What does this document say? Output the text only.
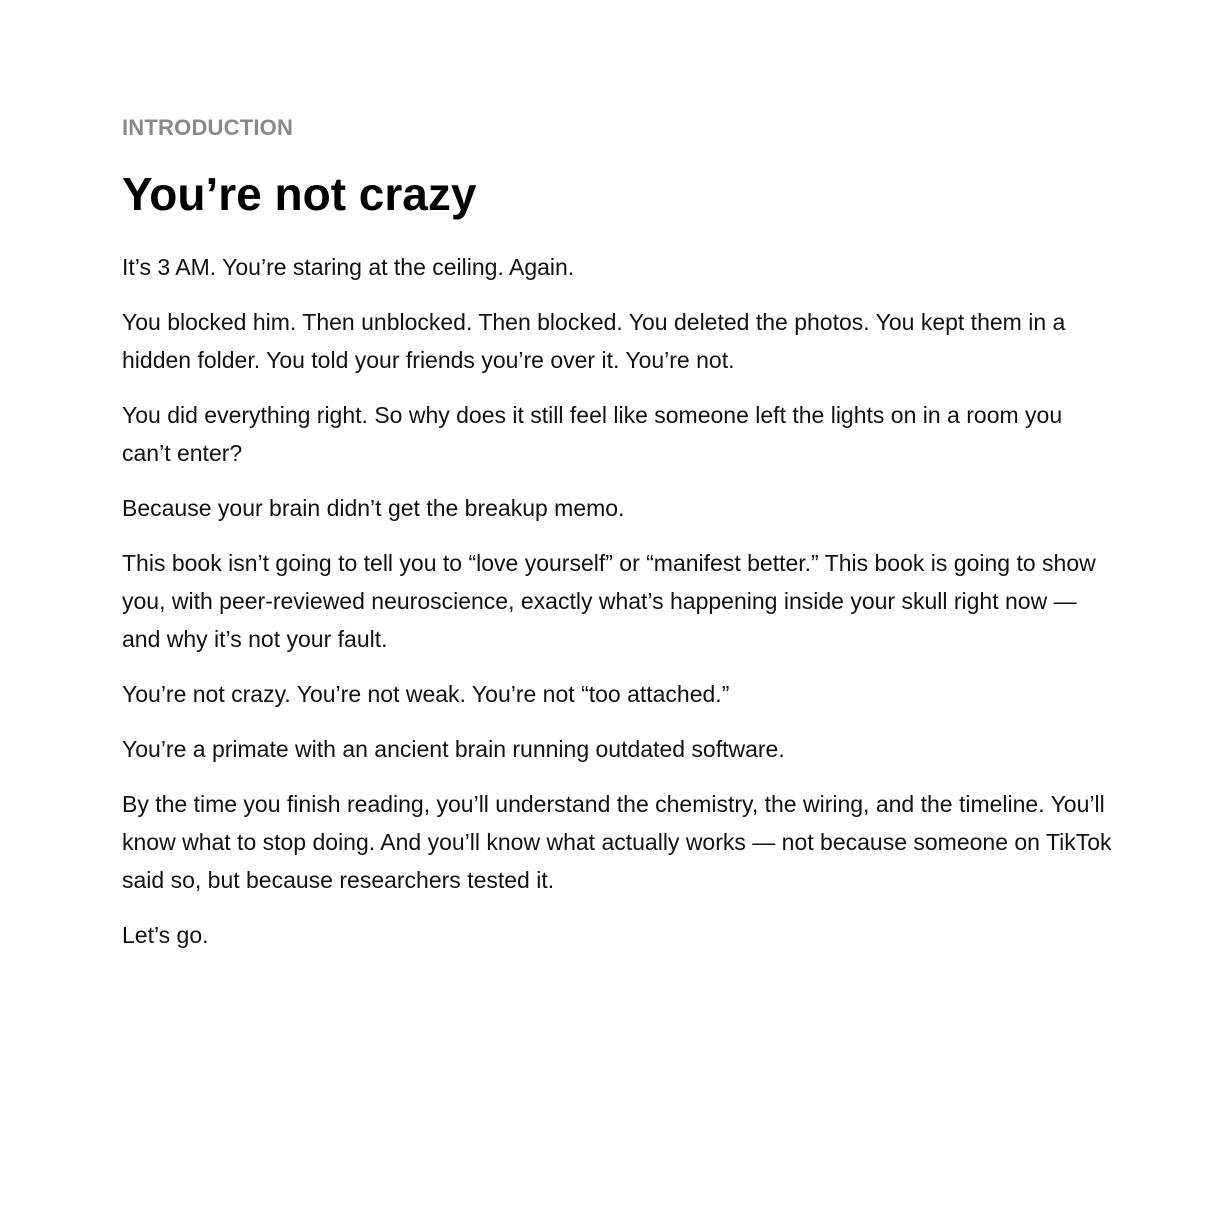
INTRODUCTION

You’re not crazy

It’s 3 AM. You’re staring at the ceiling. Again.

You blocked him. Then unblocked. Then blocked. You deleted the photos. You kept them in a hidden folder. You told your friends you’re over it. You’re not.

You did everything right. So why does it still feel like someone left the lights on in a room you can’t enter?

Because your brain didn’t get the breakup memo.

This book isn’t going to tell you to “love yourself” or “manifest better.” This book is going to show you, with peer-reviewed neuroscience, exactly what’s happening inside your skull right now — and why it’s not your fault.

You’re not crazy. You’re not weak. You’re not “too attached.”

You’re a primate with an ancient brain running outdated software.

By the time you finish reading, you’ll understand the chemistry, the wiring, and the timeline. You’ll know what to stop doing. And you’ll know what actually works — not because someone on TikTok said so, but because researchers tested it.

Let’s go.
